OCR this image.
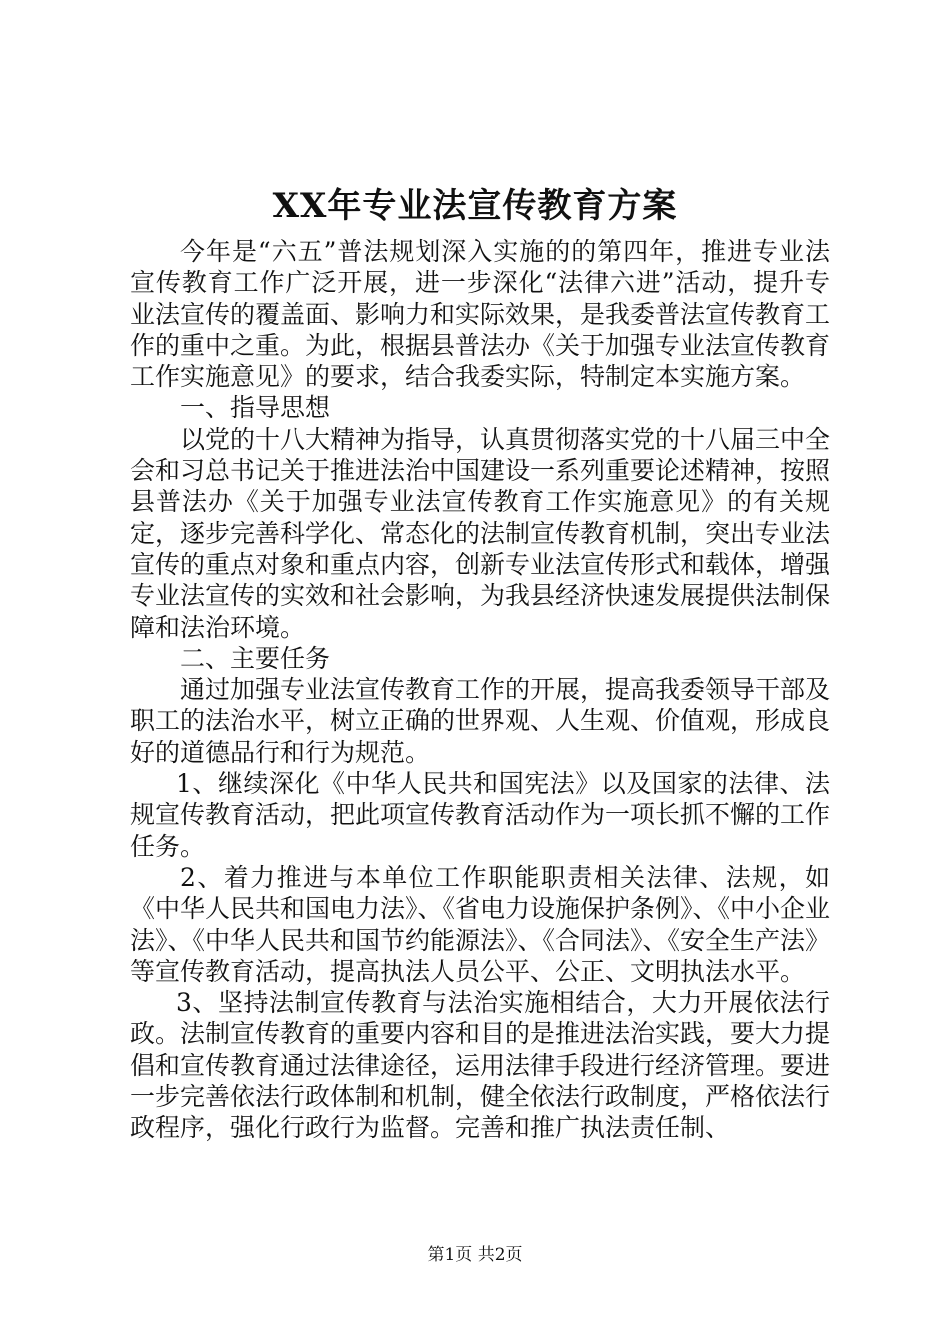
XX年专业法宣传教育方案

今年是“六五”普法规划深入实施的的第四年，推进专业法宣传教育工作广泛开展，进一步深化“法律六进”活动，提升专业法宣传的覆盖面、影响力和实际效果，是我委普法宣传教育工作的重中之重。为此，根据县普法办《关于加强专业法宣传教育工作实施意见》的要求，结合我委实际，特制定本实施方案。

一、指导思想

以党的十八大精神为指导，认真贯彻落实党的十八届三中全会和习总书记关于推进法治中国建设一系列重要论述精神，按照县普法办《关于加强专业法宣传教育工作实施意见》的有关规定，逐步完善科学化、常态化的法制宣传教育机制，突出专业法宣传的重点对象和重点内容，创新专业法宣传形式和载体，增强专业法宣传的实效和社会影响，为我县经济快速发展提供法制保障和法治环境。

二、主要任务

通过加强专业法宣传教育工作的开展，提高我委领导干部及职工的法治水平，树立正确的世界观、人生观、价值观，形成良好的道德品行和行为规范。

1、继续深化《中华人民共和国宪法》以及国家的法律、法规宣传教育活动，把此项宣传教育活动作为一项长抓不懈的工作任务。

2、着力推进与本单位工作职能职责相关法律、法规，如《中华人民共和国电力法》、《省电力设施保护条例》、《中小企业法》、《中华人民共和国节约能源法》、《合同法》、《安全生产法》等宣传教育活动，提高执法人员公平、公正、文明执法水平。

3、坚持法制宣传教育与法治实施相结合，大力开展依法行政。法制宣传教育的重要内容和目的是推进法治实践，要大力提倡和宣传教育通过法律途径，运用法律手段进行经济管理。要进一步完善依法行政体制和机制，健全依法行政制度，严格依法行政程序，强化行政行为监督。完善和推广执法责任制、

第1页 共2页
